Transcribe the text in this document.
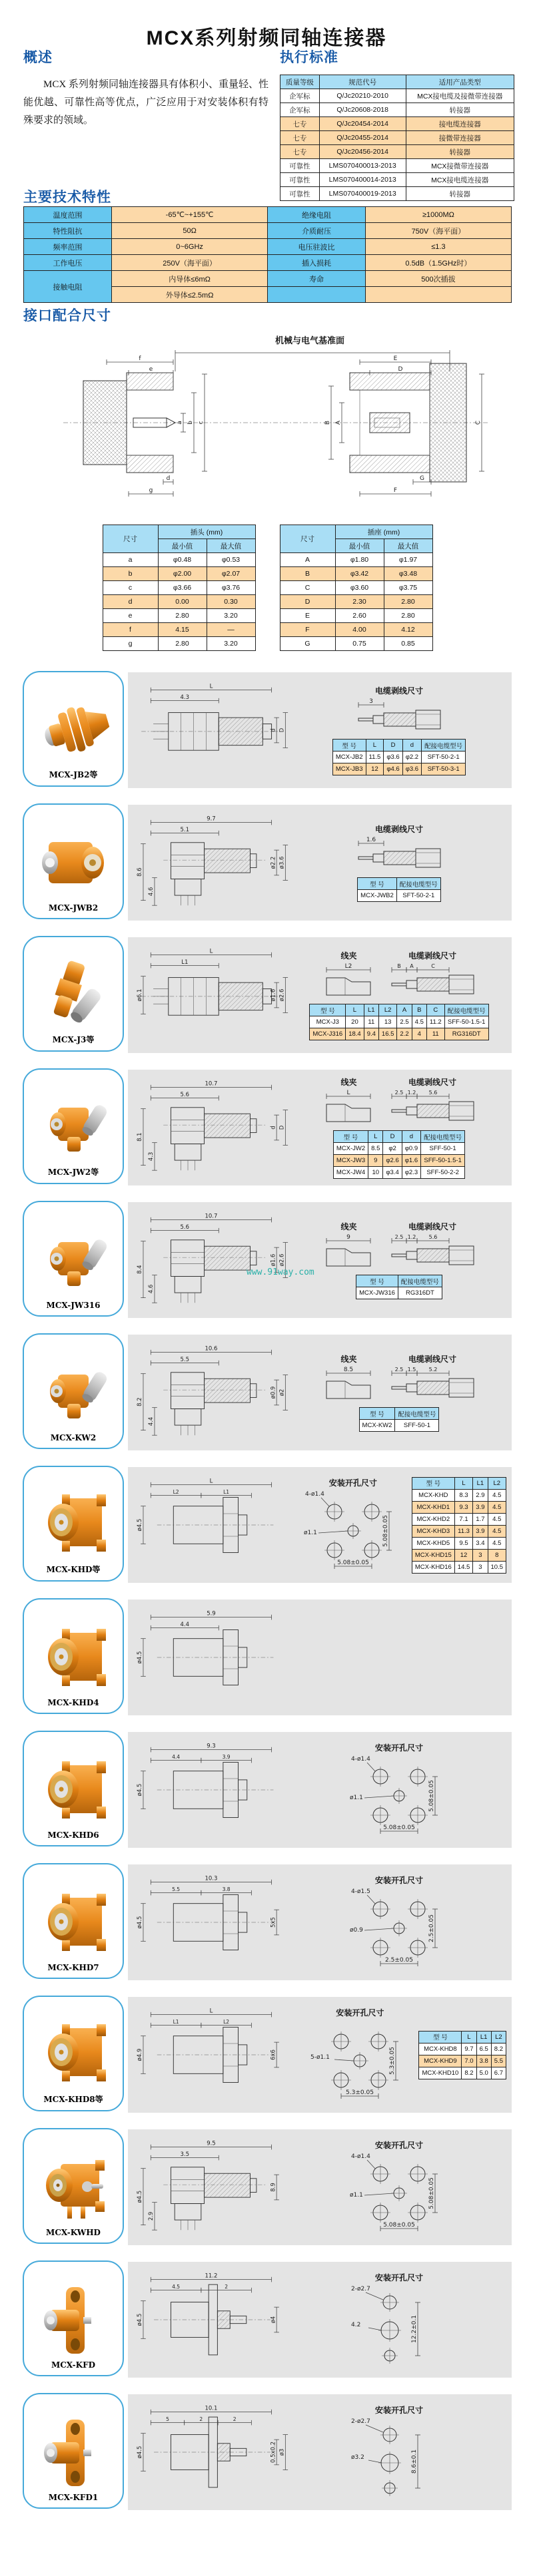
MCX系列射频同轴连接器
概述

MCX 系列射频同轴连接器具有体积小、重量轻、性能优越、可靠性高等优点，广泛应用于对安装体积有特殊要求的领域。

执行标准
质量等级	规范代号	适用产品类型
企军标	Q/Jc20210-2010	MCX接电缆及接微带连接器
企军标	Q/Jc20608-2018	转接器
七专	Q/Jc20454-2014	接电缆连接器
七专	Q/Jc20455-2014	接微带连接器
七专	Q/Jc20456-2014	转接器
可靠性	LMS070400013-2013	MCX接微带连接器
可靠性	LMS070400014-2013	MCX接电缆连接器
可靠性	LMS070400019-2013	转接器
主要技术特性
温度范围	-65℃~+155℃	绝缘电阻	≥1000MΩ
特性阻抗	50Ω	介质耐压	750V（海平面）
频率范围	0~6GHz	电压驻波比	≤1.3
工作电压	250V（海平面）	插入损耗	0.5dB（1.5GHz时）
接触电阻	内导体≤6mΩ	寿命	500次插拔
	外导体≤2.5mΩ		
接口配合尺寸
机械与电气基准面
f
e
a b c
d
g
E
D
B A	C
G
F
尺寸	插头 (mm)	
	最小值	最大值
a	φ0.48	φ0.53
b	φ2.00	φ2.07
c	φ3.66	φ3.76
d	0.00	0.30
e	2.80	3.20
f	4.15	—
g	2.80	3.20
尺寸	插座 (mm)	
	最小值	最大值
A	φ1.80	φ1.97
B	φ3.42	φ3.48
C	φ3.60	φ3.75
D	2.30	2.80
E	2.60	2.80
F	4.00	4.12
G	0.75	0.85
MCX-JB2等
L
4.3
d D
电缆剥线尺寸
3
型 号	L	D	d	配接电缆型号
MCX-JB2	11.5	φ3.6	φ2.2	SFT-50-2-1
MCX-JB3	12	φ4.6	φ3.6	SFT-50-3-1
MCX-JWB2
9.7
5.1
8.6
4.6
ø2.2 ø3.6
电缆剥线尺寸
1.6
型 号	配接电缆型号
MCX-JWB2	SFT-50-2-1
MCX-J3等
L
L1
ø6.1	ø1.6 ø2.6
线夹
L2
电缆剥线尺寸
B A	C
型 号	L	L1	L2	A	B	C	配接电缆型号
MCX-J3	20	11	13	2.5	4.5	11.2	SFF-50-1.5-1
MCX-J316	18.4	9.4	16.5	2.2	4	11	RG316DT
MCX-JW2等
10.7
5.6
8.1
4.3
d D
线夹
L
电缆剥线尺寸
2.5 1.2 5.6
型 号	L	D	d	配接电缆型号
MCX-JW2	8.5	φ2	φ0.9	SFF-50-1
MCX-JW3	9	φ2.6	φ1.6	SFF-50-1.5-1
MCX-JW4	10	φ3.4	φ2.3	SFF-50-2-2
MCX-JW316
10.7
5.6
8.4
4.6
ø1.6 ø2.6
线夹
9
电缆剥线尺寸
2.5 1.2 5.6
型 号	配接电缆型号
MCX-JW316	RG316DT
www.91way.com
MCX-KW2
10.6
5.5
8.2
4.4
ø0.9 ø2
线夹
8.5
电缆剥线尺寸
2.5 1.5 5.2
型 号	配接电缆型号
MCX-KW2	SFF-50-1
MCX-KHD等
L
L2	L1
ø4.5
安装开孔尺寸
4-ø1.4
ø1.1	5.08±0.05
5.08±0.05
型 号	L	L1	L2
MCX-KHD	8.3	2.9	4.5
MCX-KHD1	9.3	3.9	4.5
MCX-KHD2	7.1	1.7	4.5
MCX-KHD3	11.3	3.9	4.5
MCX-KHD5	9.5	3.4	4.5
MCX-KHD15	12	3	8
MCX-KHD16	14.5	3	10.5
MCX-KHD4
5.9
4.4
ø4.5
MCX-KHD6
9.3
4.4	3.9
ø4.5
安装开孔尺寸
4-ø1.4
ø1.1	5.08±0.05
5.08±0.05
MCX-KHD7
10.3
5.5	3.8
ø4.5	5x5
安装开孔尺寸
4-ø1.5
ø0.9	2.5±0.05
2.5±0.05
MCX-KHD8等
L
L1	L2
ø4.9	6x6
安装开孔尺寸
5-ø1.1	5.3±0.05
5.3±0.05
型 号	L	L1	L2
MCX-KHD8	9.7	6.5	8.2
MCX-KHD9	7.0	3.8	5.5
MCX-KHD10	8.2	5.0	6.7
MCX-KWHD
9.5
3.5
ø4.5
2.9
8.9
安装开孔尺寸
4-ø1.4
ø1.1	5.08±0.05
5.08±0.05
MCX-KFD
11.2
4.5	2
ø4.5	ø4
安装开孔尺寸
2-ø2.7
4.2	12.2±0.1
MCX-KFD1
10.1
5	2	2
ø4.5	0.5x0.2 ø3
安装开孔尺寸
2-ø2.7
ø3.2	8.6±0.1
